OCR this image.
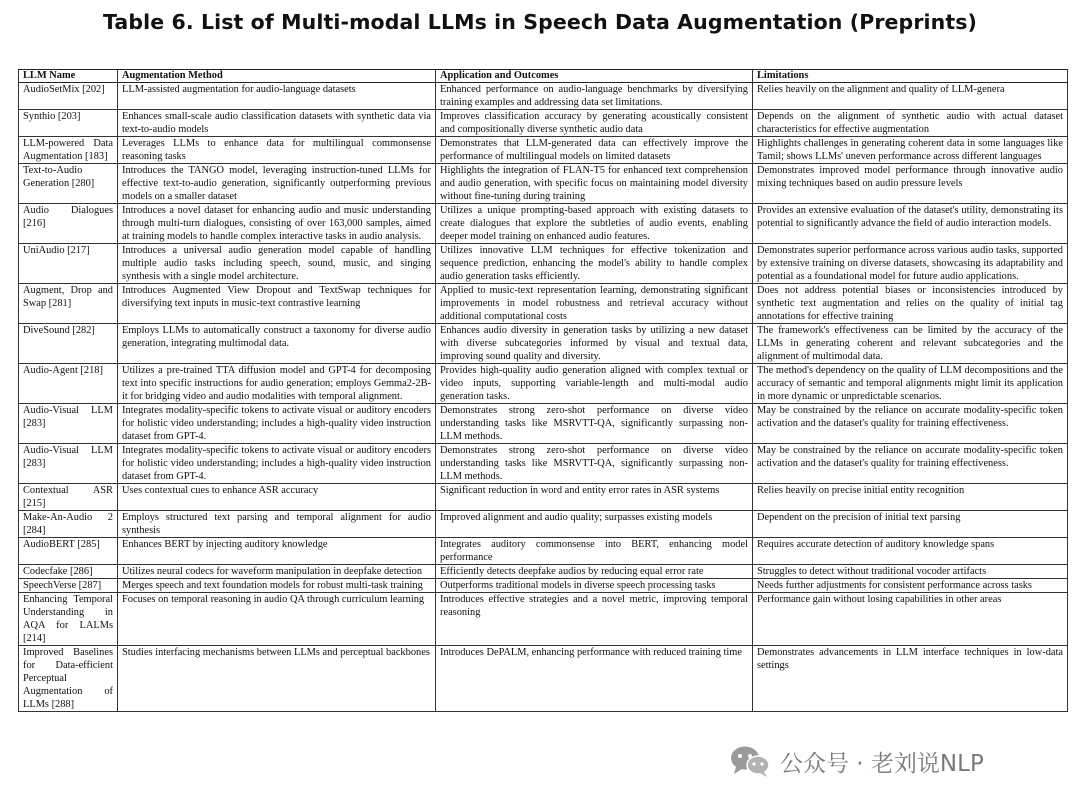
Table 6. List of Multi-modal LLMs in Speech Data Augmentation (Preprints)
LLM Name	Augmentation Method	Application and Outcomes	Limitations
AudioSetMix [202]	LLM-assisted augmentation for audio-language datasets	Enhanced performance on audio-language benchmarks by diversifying training examples and addressing data set limitations.	Relies heavily on the alignment and quality of LLM-genera
Synthio [203]	Enhances small-scale audio classification datasets with synthetic data via text-to-audio models	Improves classification accuracy by generating acoustically consistent and compositionally diverse synthetic audio data	Depends on the alignment of synthetic audio with actual dataset characteristics for effective augmentation
LLM-powered Data Augmentation [183]	Leverages LLMs to enhance data for multilingual commonsense reasoning tasks	Demonstrates that LLM-generated data can effectively improve the performance of multilingual models on limited datasets	Highlights challenges in generating coherent data in some languages like Tamil; shows LLMs' uneven performance across different languages
Text-to-Audio Generation [280]	Introduces the TANGO model, leveraging instruction-tuned LLMs for effective text-to-audio generation, significantly outperforming previous models on a smaller dataset	Highlights the integration of FLAN-T5 for enhanced text comprehension and audio generation, with specific focus on maintaining model diversity without fine-tuning during training	Demonstrates improved model performance through innovative audio mixing techniques based on audio pressure levels
Audio Dialogues [216]	Introduces a novel dataset for enhancing audio and music understanding through multi-turn dialogues, consisting of over 163,000 samples, aimed at training models to handle complex interactive tasks in audio analysis.	Utilizes a unique prompting-based approach with existing datasets to create dialogues that explore the subtleties of audio events, enabling deeper model training on enhanced audio features.	Provides an extensive evaluation of the dataset's utility, demonstrating its potential to significantly advance the field of audio interaction models.
UniAudio [217]	Introduces a universal audio generation model capable of handling multiple audio tasks including speech, sound, music, and singing synthesis with a single model architecture.	Utilizes innovative LLM techniques for effective tokenization and sequence prediction, enhancing the model's ability to handle complex audio generation tasks efficiently.	Demonstrates superior performance across various audio tasks, supported by extensive training on diverse datasets, showcasing its adaptability and potential as a foundational model for future audio applications.
Augment, Drop and Swap [281]	Introduces Augmented View Dropout and TextSwap techniques for diversifying text inputs in music-text contrastive learning	Applied to music-text representation learning, demonstrating significant improvements in model robustness and retrieval accuracy without additional computational costs	Does not address potential biases or inconsistencies introduced by synthetic text augmentation and relies on the quality of initial tag annotations for effective training
DiveSound [282]	Employs LLMs to automatically construct a taxonomy for diverse audio generation, integrating multimodal data.	Enhances audio diversity in generation tasks by utilizing a new dataset with diverse subcategories informed by visual and textual data, improving sound quality and diversity.	The framework's effectiveness can be limited by the accuracy of the LLMs in generating coherent and relevant subcategories and the alignment of multimodal data.
Audio-Agent [218]	Utilizes a pre-trained TTA diffusion model and GPT-4 for decomposing text into specific instructions for audio generation; employs Gemma2-2B-it for bridging video and audio modalities with temporal alignment.	Provides high-quality audio generation aligned with complex textual or video inputs, supporting variable-length and multi-modal audio generation tasks.	The method's dependency on the quality of LLM decompositions and the accuracy of semantic and temporal alignments might limit its application in more dynamic or unpredictable scenarios.
Audio-Visual LLM [283]	Integrates modality-specific tokens to activate visual or auditory encoders for holistic video understanding; includes a high-quality video instruction dataset from GPT-4.	Demonstrates strong zero-shot performance on diverse video understanding tasks like MSRVTT-QA, significantly surpassing non-LLM methods.	May be constrained by the reliance on accurate modality-specific token activation and the dataset's quality for training effectiveness.
Audio-Visual LLM [283]	Integrates modality-specific tokens to activate visual or auditory encoders for holistic video understanding; includes a high-quality video instruction dataset from GPT-4.	Demonstrates strong zero-shot performance on diverse video understanding tasks like MSRVTT-QA, significantly surpassing non-LLM methods.	May be constrained by the reliance on accurate modality-specific token activation and the dataset's quality for training effectiveness.
Contextual ASR [215]	Uses contextual cues to enhance ASR accuracy	Significant reduction in word and entity error rates in ASR systems	Relies heavily on precise initial entity recognition
Make-An-Audio 2 [284]	Employs structured text parsing and temporal alignment for audio synthesis	Improved alignment and audio quality; surpasses existing models	Dependent on the precision of initial text parsing
AudioBERT [285]	Enhances BERT by injecting auditory knowledge	Integrates auditory commonsense into BERT, enhancing model performance	Requires accurate detection of auditory knowledge spans
Codecfake [286]	Utilizes neural codecs for waveform manipulation in deepfake detection	Efficiently detects deepfake audios by reducing equal error rate	Struggles to detect without traditional vocoder artifacts
SpeechVerse [287]	Merges speech and text foundation models for robust multi-task training	Outperforms traditional models in diverse speech processing tasks	Needs further adjustments for consistent performance across tasks
Enhancing Temporal Understanding in AQA for LALMs [214]	Focuses on temporal reasoning in audio QA through curriculum learning	Introduces effective strategies and a novel metric, improving temporal reasoning	Performance gain without losing capabilities in other areas
Improved Baselines for Data-efficient Perceptual Augmentation of LLMs [288]	Studies interfacing mechanisms between LLMs and perceptual backbones	Introduces DePALM, enhancing performance with reduced training time	Demonstrates advancements in LLM interface techniques in low-data settings
公众号 · 老刘说NLP
